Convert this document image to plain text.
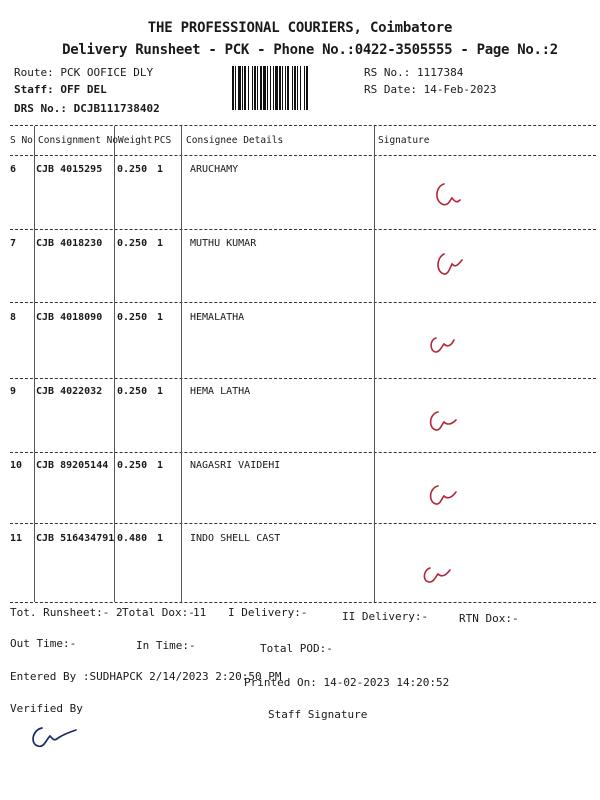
THE PROFESSIONAL COURIERS, Coimbatore
Delivery Runsheet - PCK - Phone No.:0422-3505555 - Page No.:2
Route: PCK OOFICE DLY
Staff: OFF DEL
DRS No.: DCJB111738402
RS No.: 1117384
RS Date: 14-Feb-2023
S No Consignment No Weight PCS Consignee Details	Signature
6 CJB 4015295 0.250 1	ARUCHAMY
7 CJB 4018230 0.250 1	MUTHU KUMAR
8 CJB 4018090 0.250 1	HEMALATHA
9 CJB 4022032 0.250 1	HEMA LATHA
10 CJB 89205144 0.250 1	NAGASRI VAIDEHI
11 CJB 516434791 0.480 1	INDO SHELL CAST
Tot. Runsheet:- 2 Total Dox:-
11 I Delivery:-	II Delivery:-	RTN Dox:-
Out Time:-	In Time:-	Total POD:-
Entered By :SUDHAPCK 2/14/2023 2:20:50 PM
Printed On: 14-02-2023 14:20:52
Verified By	Staff Signature
